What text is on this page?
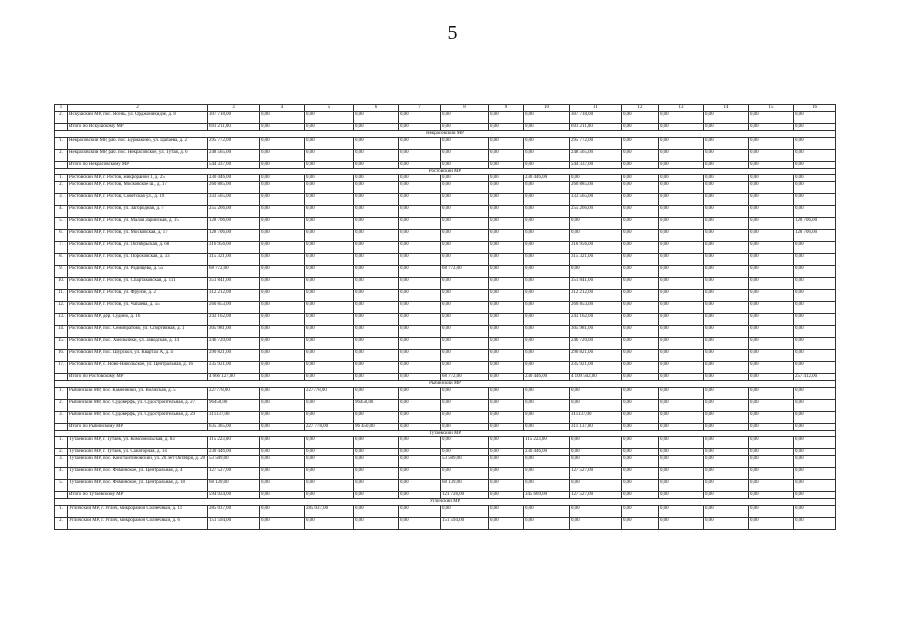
5
1	2	3	4	5	6	7	8	9	10	11	12	13	14	15	16
2.	Искушский МР, пос. Ясень, ул. Орджоникидзе, д. 8	307 718,00	0,00	0,00	0,00	0,00	0,00	0,00	0,00	307 718,00	0,00	0,00	0,00	0,00	0,00
	Итого по Искушскому МР	691 211,00	0,00	0,00	0,00	0,00	0,00	0,00	0,00	691 211,00	0,00	0,00	0,00	0,00	0,00
Некрасовский МР															
1.	Некрасовский МР, раб. пос. Бурмакино, ул. Цапаева, д. 2	295 772,00	0,00	0,00	0,00	0,00	0,00	0,00	0,00	295 772,00	0,00	0,00	0,00	0,00	0,00
2.	Некрасовский МР, раб. пос. Некрасовское, ул. Тутая, д. 6	248 565,00	0,00	0,00	0,00	0,00	0,00	0,00	0,00	248 565,00	0,00	0,00	0,00	0,00	0,00
	Итого по Некрасовскому МР	544 337,00	0,00	0,00	0,00	0,00	0,00	0,00	0,00	544 337,00	0,00	0,00	0,00	0,00	0,00
Ростовский МР															
1.	Ростовский МР, г. Ростов, микрорайон 1, д. 25	230 446,00	0,00	0,00	0,00	0,00	0,00	0,00	230 446,00	0,00	0,00	0,00	0,00	0,00	0,00
2.	Ростовский МР, г. Ростов, Московское ш., д. 17	260 885,00	0,00	0,00	0,00	0,00	0,00	0,00	0,00	260 885,00	0,00	0,00	0,00	0,00	0,00
3.	Ростовский МР, г. Ростов, Советская ул., д. 19	333 565,00	0,00	0,00	0,00	0,00	0,00	0,00	0,00	333 565,00	0,00	0,00	0,00	0,00	0,00
4.	Ростовский МР, г. Ростов, ул. Загородная, д. 7	255 266,00	0,00	0,00	0,00	0,00	0,00	0,00	0,00	255 266,00	0,00	0,00	0,00	0,00	0,00
5.	Ростовский МР, г. Ростов, ул. Малая Заринская, д. 15	128 706,00	0,00	0,00	0,00	0,00	0,00	0,00	0,00	0,00	0,00	0,00	0,00	0,00	128 706,00
6.	Ростовский МР, г. Ростов, ул. Московская, д. 17	128 706,00	0,00	0,00	0,00	0,00	0,00	0,00	0,00	0,00	0,00	0,00	0,00	0,00	128 706,00
7.	Ростовский МР, г. Ростов, ул. Октябрьская, д. 68	316 956,00	0,00	0,00	0,00	0,00	0,00	0,00	0,00	316 956,00	0,00	0,00	0,00	0,00	0,00
8.	Ростовский МР, г. Ростов, ул. Пороховская, д. 33	315 321,00	0,00	0,00	0,00	0,00	0,00	0,00	0,00	315 321,00	0,00	0,00	0,00	0,00	0,00
9.	Ростовский МР, г. Ростов, ул. Радищева, д. 55	68 772,00	0,00	0,00	0,00	0,00	68 772,00	0,00	0,00	0,00	0,00	0,00	0,00	0,00	0,00
10.	Ростовский МР, г. Ростов, ул. Спартаковская, д. 111	351 841,00	0,00	0,00	0,00	0,00	0,00	0,00	0,00	351 841,00	0,00	0,00	0,00	0,00	0,00
11.	Ростовский МР, г. Ростов, ул. Фрунзе, д. 2	312 212,00	0,00	0,00	0,00	0,00	0,00	0,00	0,00	312 212,00	0,00	0,00	0,00	0,00	0,00
12.	Ростовский МР, г. Ростов, ул. Чапаева, д. 55	260 853,00	0,00	0,00	0,00	0,00	0,00	0,00	0,00	260 853,00	0,00	0,00	0,00	0,00	0,00
13.	Ростовский МР, дер. Судино, д. 16	243 162,00	0,00	0,00	0,00	0,00	0,00	0,00	0,00	243 162,00	0,00	0,00	0,00	0,00	0,00
14.	Ростовский МР, пос. Семибратово, ул. Спортивная, д. 1	305 981,00	0,00	0,00	0,00	0,00	0,00	0,00	0,00	305 981,00	0,00	0,00	0,00	0,00	0,00
15.	Ростовский МР, пос. Хмельники, ул. Заводская, д. 14	246 720,00	0,00	0,00	0,00	0,00	0,00	0,00	0,00	246 720,00	0,00	0,00	0,00	0,00	0,00
16.	Ростовский МР, пос. Шурскол, ул. Квартал А, д. 4	290 821,00	0,00	0,00	0,00	0,00	0,00	0,00	0,00	290 821,00	0,00	0,00	0,00	0,00	0,00
17.	Ростовский МР, с. Ново-Никольское, ул. Центральная, д. 16	235 921,00	0,00	0,00	0,00	0,00	0,00	0,00	0,00	235 921,00	0,00	0,00	0,00	0,00	0,00
	Итого по Ростовскому МР	4 666 127,00	0,00	0,00	0,00	0,00	68 772,00	0,00	230 446,00	4 109 502,00	0,00	0,00	0,00	0,00	257 412,00
Рыбинский МР															
1.	Рыбинский МР, пос. Каменники, ул. Волжская, д. 5	227778,00	0,00	227778,00	0,00	0,00	0,00	0,00	0,00	0,00	0,00	0,00	0,00	0,00	0,00
2.	Рыбинский МР, пос. Судоверфь, ул. Судостроительная, д. 27	96450,00	0,00	0,00	96450,00	0,00	0,00	0,00	0,00	0,00	0,00	0,00	0,00	0,00	0,00
3.	Рыбинский МР, пос. Судоверфь, ул. Судостроительная, д. 29	311137,00	0,00	0,00	0,00	0,00	0,00	0,00	0,00	311137,00	0,00	0,00	0,00	0,00	0,00
	Итого по Рыбинскому МР	635 365,00	0,00	227 778,00	96 450,00	0,00	0,00	0,00	0,00	311 137,00	0,00	0,00	0,00	0,00	0,00
Тутаевский МР															
1.	Тутаевский МР, г. Тутаев, ул. Комсомольская, д. 83	115 223,00	0,00	0,00	0,00	0,00	0,00	0,00	115 223,00	0,00	0,00	0,00	0,00	0,00	0,00
2.	Тутаевский МР, г. Тутаев, ул. Санаторная, д. 14	230 446,00	0,00	0,00	0,00	0,00	0,00	0,00	230 446,00	0,00	0,00	0,00	0,00	0,00	0,00
3.	Тутаевский МР, пос. Константиновский, ул. 20 лет Октября, д. 20	53 589,00	0,00	0,00	0,00	0,00	53 589,00	0,00	0,00	0,00	0,00	0,00	0,00	0,00	0,00
4.	Тутаевский МР, пос. Фоминское, ул. Центральная, д. 4	127 527,00	0,00	0,00	0,00	0,00	0,00	0,00	0,00	127 527,00	0,00	0,00	0,00	0,00	0,00
5.	Тутаевский МР, пос. Фоминское, ул. Центральная, д. 18	68 139,00	0,00	0,00	0,00	0,00	68 139,00	0,00	0,00	0,00	0,00	0,00	0,00	0,00	0,00
	Итого по Тутаевскому МР	594 924,00	0,00	0,00	0,00	0,00	121 728,00	0,00	345 669,00	127 527,00	0,00	0,00	0,00	0,00	0,00
Угличский МР															
1.	Угличский МР, г. Углич, микрорайон Солнечный, д. 11	285 037,00	0,00	285 037,00	0,00	0,00	0,00	0,00	0,00	0,00	0,00	0,00	0,00	0,00	0,00
2.	Угличский МР, г. Углич, микрорайон Солнечный, д. 6	151 594,00	0,00	0,00	0,00	0,00	151 594,00	0,00	0,00	0,00	0,00	0,00	0,00	0,00	0,00
